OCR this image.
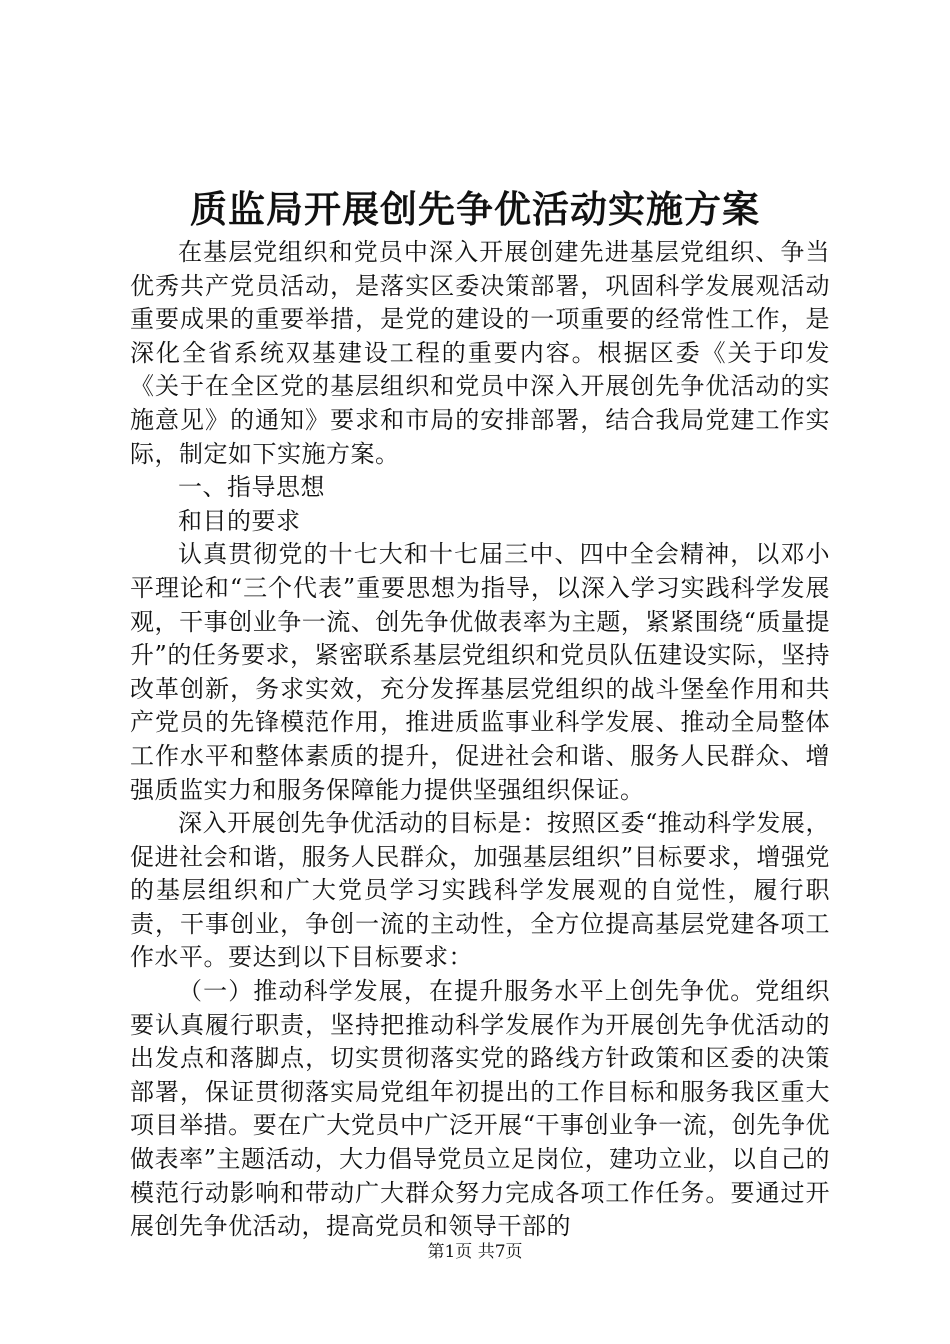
质监局开展创先争优活动实施方案

在基层党组织和党员中深入开展创建先进基层党组织、争当优秀共产党员活动，是落实区委决策部署，巩固科学发展观活动重要成果的重要举措，是党的建设的一项重要的经常性工作，是深化全省系统双基建设工程的重要内容。根据区委《关于印发《关于在全区党的基层组织和党员中深入开展创先争优活动的实施意见》的通知》要求和市局的安排部署，结合我局党建工作实际，制定如下实施方案。

一、指导思想

和目的要求

认真贯彻党的十七大和十七届三中、四中全会精神，以邓小平理论和“三个代表”重要思想为指导，以深入学习实践科学发展观，干事创业争一流、创先争优做表率为主题，紧紧围绕“质量提升”的任务要求，紧密联系基层党组织和党员队伍建设实际，坚持改革创新，务求实效，充分发挥基层党组织的战斗堡垒作用和共产党员的先锋模范作用，推进质监事业科学发展、推动全局整体工作水平和整体素质的提升，促进社会和谐、服务人民群众、增强质监实力和服务保障能力提供坚强组织保证。

深入开展创先争优活动的目标是：按照区委“推动科学发展，促进社会和谐，服务人民群众，加强基层组织”目标要求，增强党的基层组织和广大党员学习实践科学发展观的自觉性，履行职责，干事创业，争创一流的主动性，全方位提高基层党建各项工作水平。要达到以下目标要求：

（一）推动科学发展，在提升服务水平上创先争优。党组织要认真履行职责，坚持把推动科学发展作为开展创先争优活动的出发点和落脚点，切实贯彻落实党的路线方针政策和区委的决策部署，保证贯彻落实局党组年初提出的工作目标和服务我区重大项目举措。要在广大党员中广泛开展“干事创业争一流，创先争优做表率”主题活动，大力倡导党员立足岗位，建功立业，以自己的模范行动影响和带动广大群众努力完成各项工作任务。要通过开展创先争优活动，提高党员和领导干部的

第1页 共7页
